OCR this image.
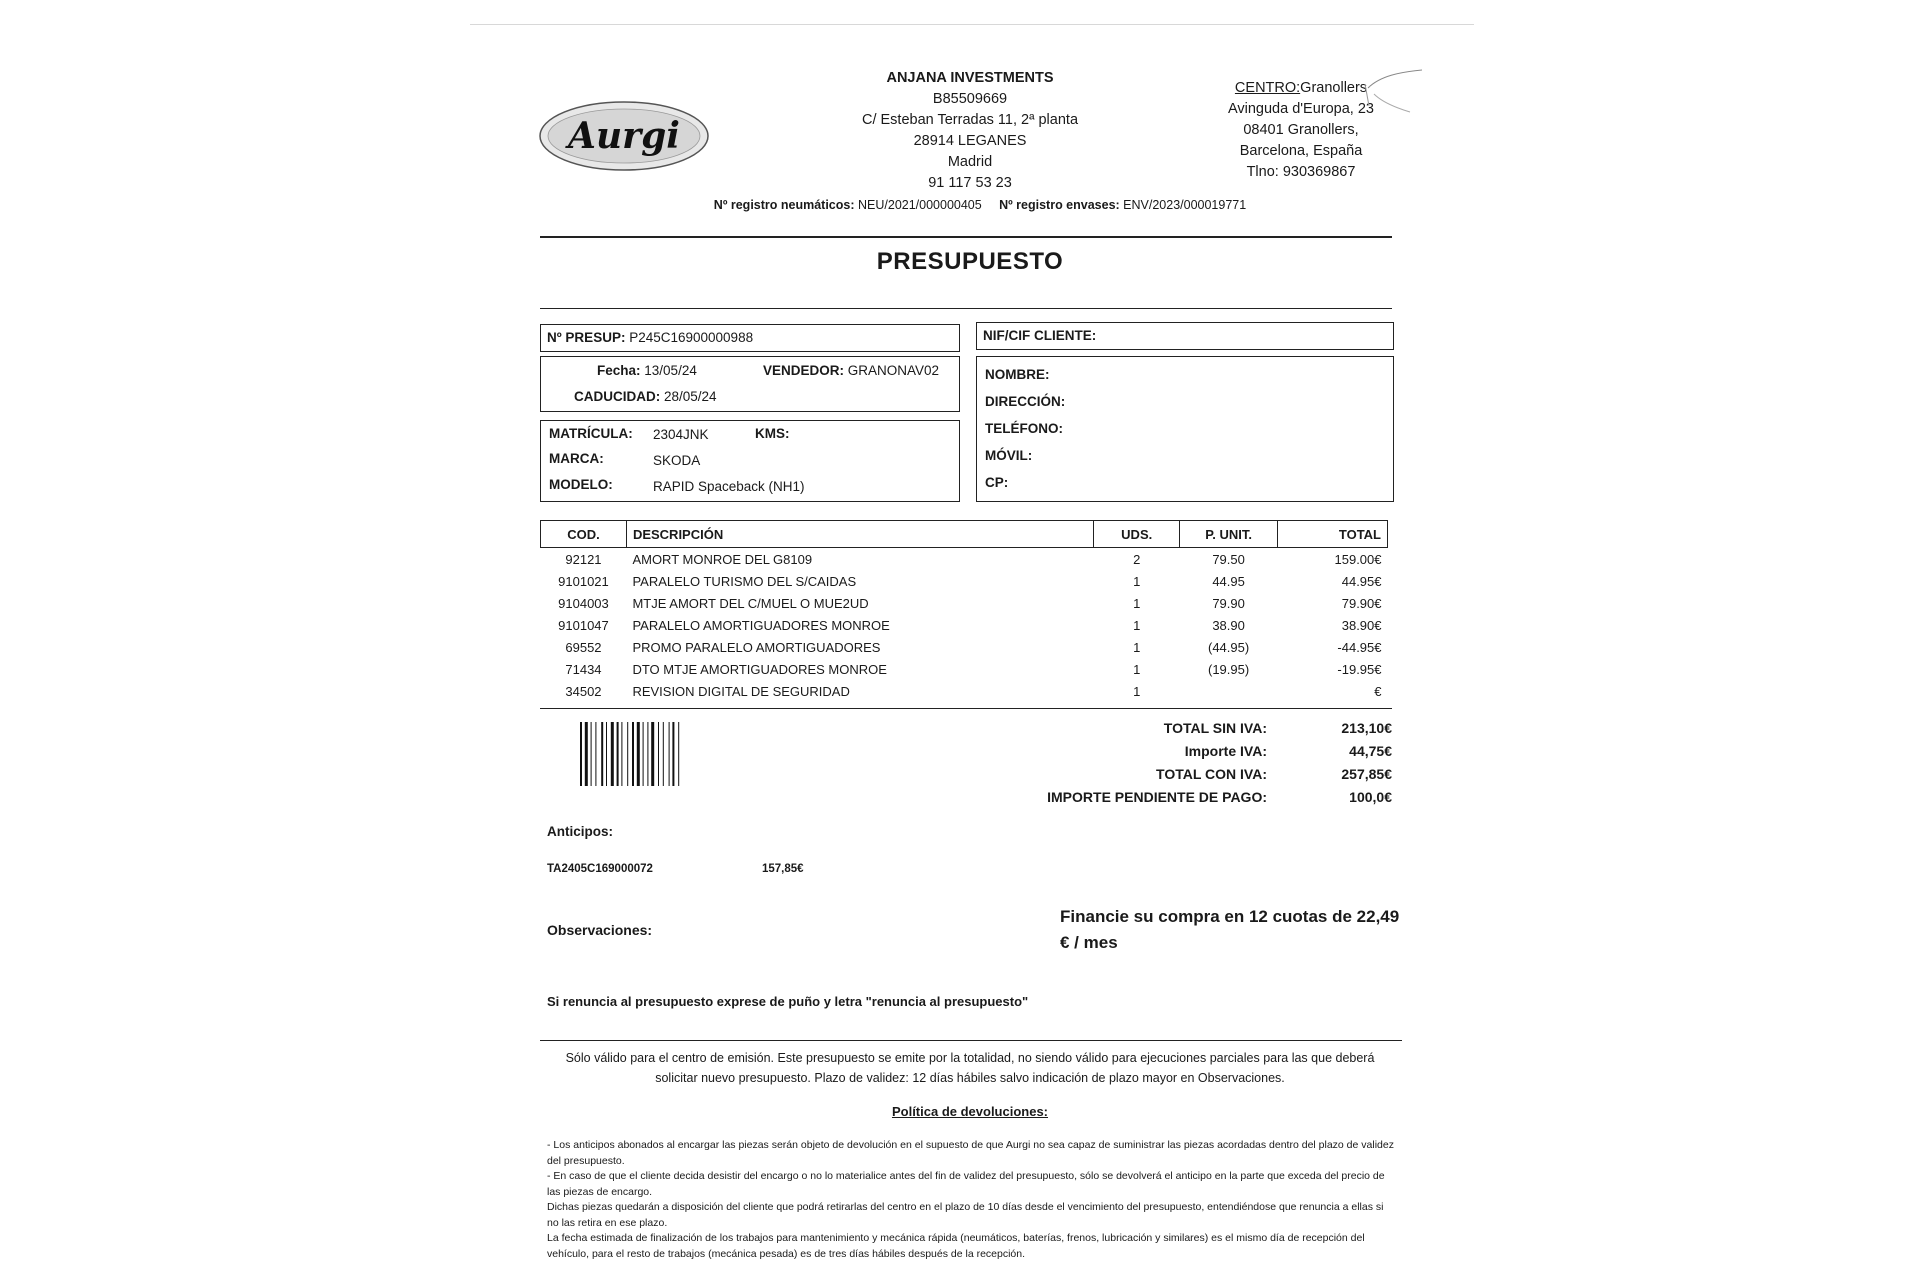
Aurgi
ANJANA INVESTMENTS
B85509669
C/ Esteban Terradas 11, 2ª planta
28914 LEGANES
Madrid
91 117 53 23
CENTRO:Granollers
Avinguda d'Europa, 23
08401 Granollers,
Barcelona, España
Tlno: 930369867
Nº registro neumáticos: NEU/2021/000000405 Nº registro envases: ENV/2023/000019771
PRESUPUESTO
Nº PRESUP: P245C16900000988	NIF/CIF CLIENTE:
Fecha: 13/05/24	VENDEDOR: GRANONAV02
CADUCIDAD: 28/05/24
NOMBRE:
DIRECCIÓN:
TELÉFONO:
MÓVIL:
CP:
MATRÍCULA: 2304JNK	KMS:
MARCA:	SKODA
MODELO:	RAPID Spaceback (NH1)
COD.	DESCRIPCIÓN	UDS.	P. UNIT.	TOTAL
92121	AMORT MONROE DEL G8109	2	79.50	159.00€
9101021	PARALELO TURISMO DEL S/CAIDAS	1	44.95	44.95€
9104003	MTJE AMORT DEL C/MUEL O MUE2UD	1	79.90	79.90€
9101047	PARALELO AMORTIGUADORES MONROE	1	38.90	38.90€
69552	PROMO PARALELO AMORTIGUADORES	1	(44.95)	-44.95€
71434	DTO MTJE AMORTIGUADORES MONROE	1	(19.95)	-19.95€
34502	REVISION DIGITAL DE SEGURIDAD	1		€
TOTAL SIN IVA:	213,10€
Importe IVA:	44,75€
TOTAL CON IVA:	257,85€
IMPORTE PENDIENTE DE PAGO:	100,0€
Anticipos:
TA2405C169000072	157,85€
Observaciones:
Financie su compra en 12 cuotas de 22,49
€ / mes
Si renuncia al presupuesto exprese de puño y letra "renuncia al presupuesto"
Sólo válido para el centro de emisión. Este presupuesto se emite por la totalidad, no siendo válido para ejecuciones parciales para las que deberá
solicitar nuevo presupuesto. Plazo de validez: 12 días hábiles salvo indicación de plazo mayor en Observaciones.
Política de devoluciones:

- Los anticipos abonados al encargar las piezas serán objeto de devolución en el supuesto de que Aurgi no sea capaz de suministrar las piezas acordadas dentro del plazo de validez del presupuesto.

- En caso de que el cliente decida desistir del encargo o no lo materialice antes del fin de validez del presupuesto, sólo se devolverá el anticipo en la parte que exceda del precio de las piezas de encargo.

Dichas piezas quedarán a disposición del cliente que podrá retirarlas del centro en el plazo de 10 días desde el vencimiento del presupuesto, entendiéndose que renuncia a ellas si no las retira en ese plazo.

La fecha estimada de finalización de los trabajos para mantenimiento y mecánica rápida (neumáticos, baterías, frenos, lubricación y similares) es el mismo día de recepción del vehículo, para el resto de trabajos (mecánica pesada) es de tres días hábiles después de la recepción.
